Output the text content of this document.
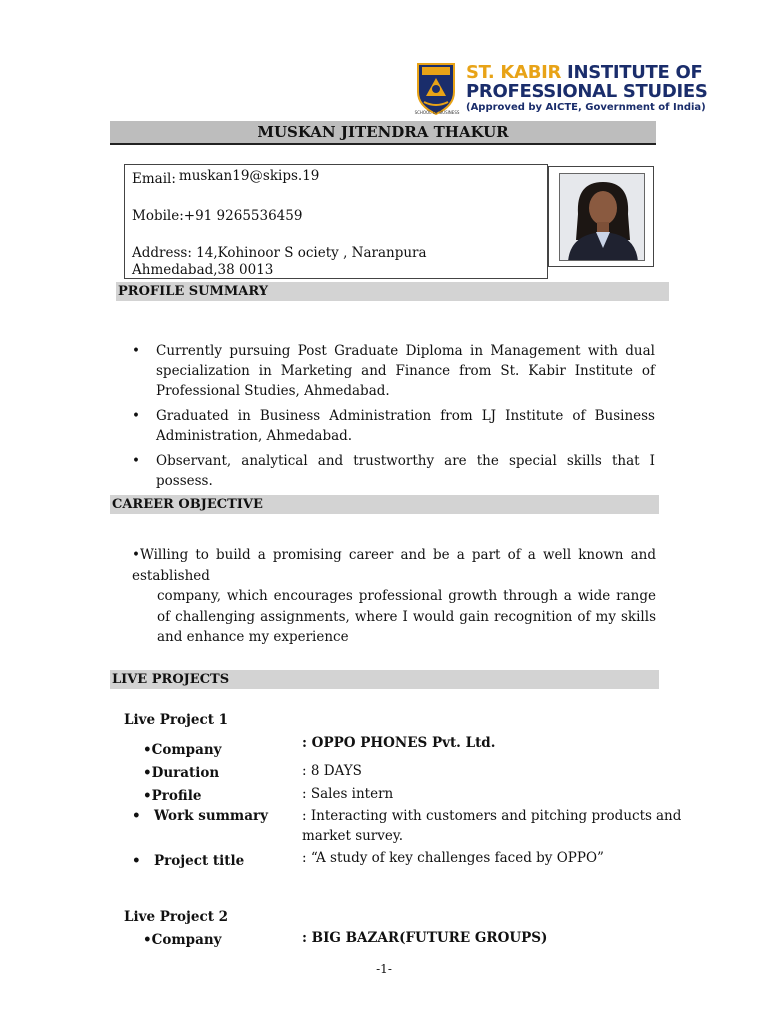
SCHOOL OF BUSINESS
ST. KABIR INSTITUTE OF
PROFESSIONAL STUDIES
(Approved by AICTE, Government of India)
MUSKAN JITENDRA THAKUR
Email: muskan19@skips.19
Mobile:+91 9265536459
Address: 14,Kohinoor S ociety , Naranpura
Ahmedabad,38 0013
PROFILE SUMMARY
• Currently pursuing Post Graduate Diploma in Management with dual specialization in Marketing and Finance from St. Kabir Institute of Professional Studies, Ahmedabad.
• Graduated in Business Administration from LJ Institute of Business Administration, Ahmedabad.
• Observant, analytical and trustworthy are the special skills that I possess.
CAREER OBJECTIVE
•Willing to build a promising career and be a part of a well known and established
company, which encourages professional growth through a wide range of challenging assignments, where I would gain recognition of my skills and enhance my experience
LIVE PROJECTS
Live Project 1
•Company	: OPPO PHONES Pvt. Ltd.
•Duration	: 8 DAYS
•Profile	: Sales intern
• Work summary	: Interacting with customers and pitching products and
market survey.
• Project title	: “A study of key challenges faced by OPPO”
Live Project 2
•Company	: BIG BAZAR(FUTURE GROUPS)
-1-
